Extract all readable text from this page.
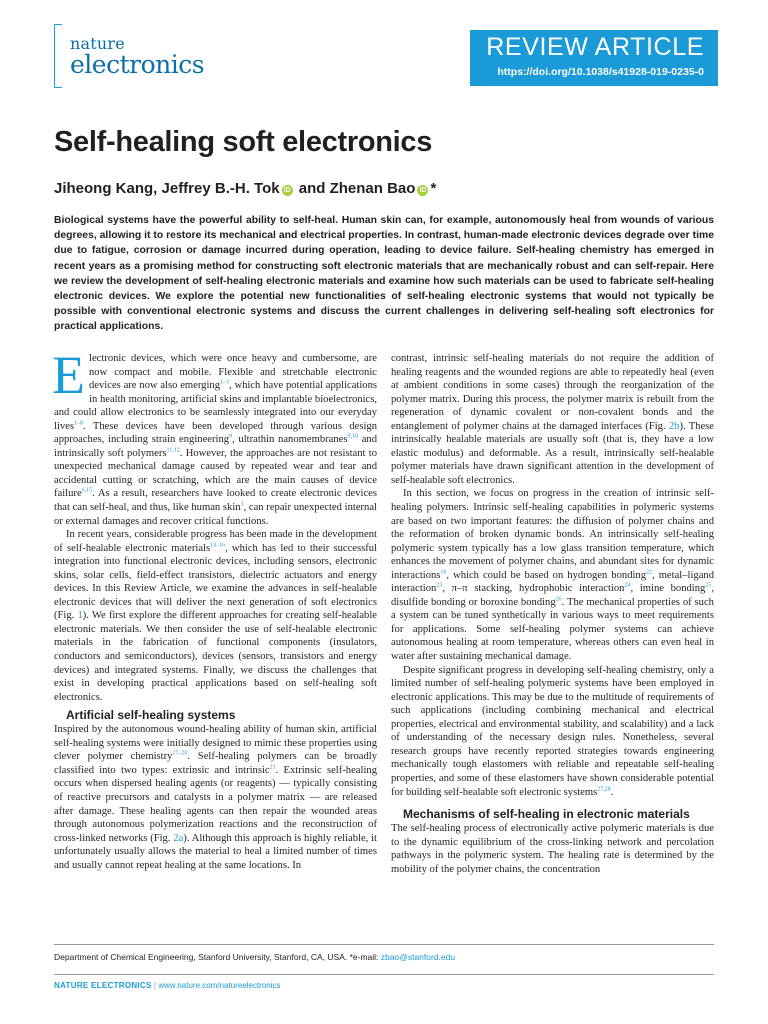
nature
electronics
REVIEW ARTICLE
https://doi.org/10.1038/s41928-019-0235-0
Self-healing soft electronics
Jiheong Kang, Jeffrey B.-H. Tok iD and Zhenan Bao iD *
Biological systems have the powerful ability to self-heal. Human skin can, for example, autonomously heal from wounds of various degrees, allowing it to restore its mechanical and electrical properties. In contrast, human-made electronic devices degrade over time due to fatigue, corrosion or damage incurred during operation, leading to device failure. Self-healing chemistry has emerged in recent years as a promising method for constructing soft electronic materials that are mechanically robust and can self-repair. Here we review the development of self-healing electronic materials and examine how such materials can be used to fabricate self-healing electronic devices. We explore the potential new functionalities of self-healing electronic systems that would not typically be possible with conventional electronic systems and discuss the current challenges in delivering self-healing soft electronics for practical applications.

Electronic devices, which were once heavy and cumbersome, are now compact and mobile. Flexible and stretchable electronic devices are now also emerging$^{1-3}$, which have potential applications in health monitoring, artificial skins and implantable bioelectronics, and could allow electronics to be seamlessly integrated into our everyday lives$^{1-8}$. These devices have been developed through various design approaches, including strain engineering$^9$, ultrathin nanomembranes$^{9,10}$ and intrinsically soft polymers$^{11,12}$. However, the approaches are not resistant to unexpected mechanical damage caused by repeated wear and tear and accidental cutting or scratching, which are the main causes of device failure$^{6,15}$. As a result, researchers have looked to create electronic devices that can self-heal, and thus, like human skin$^1$, can repair unexpected internal or external damages and recover critical functions.

In recent years, considerable progress has been made in the development of self-healable electronic materials$^{13-16}$, which has led to their successful integration into functional electronic devices, including sensors, electronic skins, solar cells, field-effect transistors, dielectric actuators and energy devices. In this Review Article, we examine the advances in self-healable electronic devices that will deliver the next generation of soft electronics (Fig. 1). We first explore the different approaches for creating self-healable electronic materials. We then consider the use of self-healable electronic materials in the fabrication of functional components (insulators, conductors and semiconductors), devices (sensors, transistors and energy devices) and integrated systems. Finally, we discuss the challenges that exist in developing practical applications based on self-healing soft electronics.

Artificial self-healing systems

Inspired by the autonomous wound-healing ability of human skin, artificial self-healing systems were initially designed to mimic these properties using clever polymer chemistry$^{17-20}$. Self-healing polymers can be broadly classified into two types: extrinsic and intrinsic$^{21}$. Extrinsic self-healing occurs when dispersed healing agents (or reagents) — typically consisting of reactive precursors and catalysts in a polymer matrix — are released after damage. These healing agents can then repair the wounded areas through autonomous polymerization reactions and the reconstruction of cross-linked networks (Fig. 2a). Although this approach is highly reliable, it unfortunately usually allows the material to heal a limited number of times and usually cannot repeat healing at the same locations. In

contrast, intrinsic self-healing materials do not require the addition of healing reagents and the wounded regions are able to repeatedly heal (even at ambient conditions in some cases) through the reorganization of the polymer matrix. During this process, the polymer matrix is rebuilt from the regeneration of dynamic covalent or non-covalent bonds and the entanglement of polymer chains at the damaged interfaces (Fig. 2b). These intrinsically healable materials are usually soft (that is, they have a low elastic modulus) and deformable. As a result, intrinsically self-healable polymer materials have drawn significant attention in the development of self-healable soft electronics.

In this section, we focus on progress in the creation of intrinsic self-healing polymers. Intrinsic self-healing capabilities in polymeric systems are based on two important features: the diffusion of polymer chains and the reformation of broken dynamic bonds. An intrinsically self-healing polymeric system typically has a low glass transition temperature, which enhances the movement of polymer chains, and abundant sites for dynamic interactions$^{18}$, which could be based on hydrogen bonding$^{22}$, metal–ligand interaction$^{23}$, π–π stacking, hydrophobic interaction$^{24}$, imine bonding$^{25}$, disulfide bonding or boroxine bonding$^{26}$. The mechanical properties of such a system can be tuned synthetically in various ways to meet requirements for applications. Some self-healing polymer systems can achieve autonomous healing at room temperature, whereas others can even heal in water after sustaining mechanical damage.

Despite significant progress in developing self-healing chemistry, only a limited number of self-healing polymeric systems have been employed in electronic applications. This may be due to the multitude of requirements of such applications (including combining mechanical and electrical properties, electrical and environmental stability, and scalability) and a lack of understanding of the necessary design rules. Nonetheless, several research groups have recently reported strategies towards engineering mechanically tough elastomers with reliable and repeatable self-healing properties, and some of these elastomers have shown considerable potential for building self-healable soft electronic systems$^{27,28}$.

Mechanisms of self-healing in electronic materials

The self-healing process of electronically active polymeric materials is due to the dynamic equilibrium of the cross-linking network and percolation pathways in the polymeric system. The healing rate is determined by the mobility of the polymer chains, the concentration

Department of Chemical Engineering, Stanford University, Stanford, CA, USA. *e-mail: zbao@stanford.edu
NATURE ELECTRONICS | www.nature.com/natureelectronics
